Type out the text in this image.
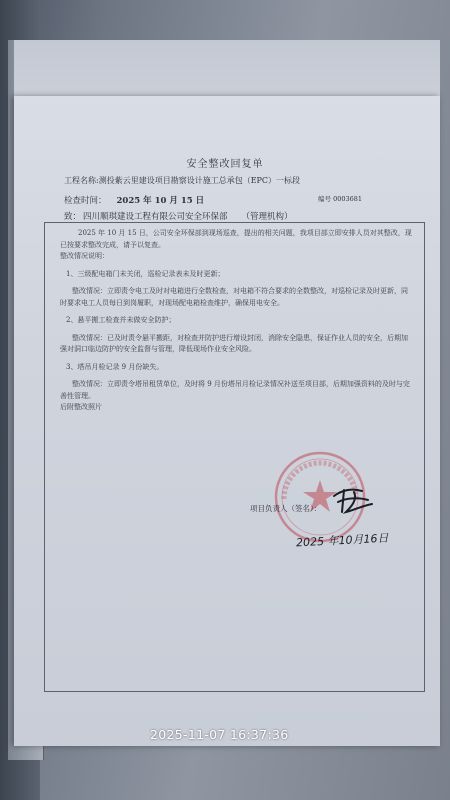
安全整改回复单
工程名称:测投紫云里建设项目勘察设计施工总承包（EPC）一标段
检查时间： 2025 年 10 月 15 日	编号 0003681
致： 四川顺琪建设工程有限公司安全环保部 （管理机构）

2025 年 10 月 15 日，公司安全环保部到现场巡查，提出的相关问题，我项目部立即安排人员对其整改，现已按要求整改完成，请予以复查。

整改情况说明：

1、三级配电箱门未关闭，巡检记录表未及时更新；

整改情况：立即责令电工及时对电箱进行全数检查，对电箱不符合要求的全数整改，对巡检记录及时更新，同时要求电工人员每日到岗履职，对现场配电箱检查维护，确保用电安全。

2、悬平搬工检查并未做安全防护；

整改情况：已及时责令悬平搬距，对检查并防护进行增设封闭，消除安全隐患，保证作业人员的安全，后期加强对洞口临边防护的安全监督与管理，降低现场作业安全风险。

3、塔吊月检记录 9 月份缺失。

整改情况：立即责令塔吊租赁单位，及时将 9 月份塔吊月检记录情况补送至项目部，后期加强资料的及时与完善性管理。

后附整改照片

项目负责人（签名）：
2025 年10月16日
2025-11-07 16:37:36
